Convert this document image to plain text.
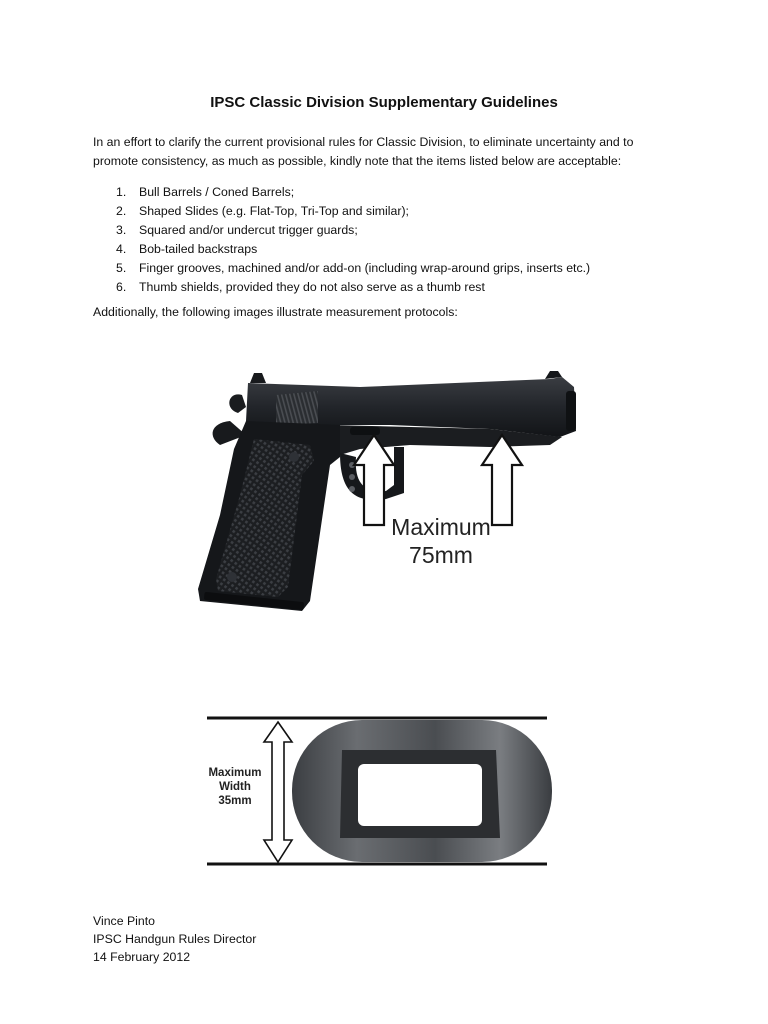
IPSC Classic Division Supplementary Guidelines
In an effort to clarify the current provisional rules for Classic Division, to eliminate uncertainty and to
promote consistency, as much as possible, kindly note that the items listed below are acceptable:
1.	Bull Barrels / Coned Barrels;
2.	Shaped Slides (e.g. Flat-Top, Tri-Top and similar);
3.	Squared and/or undercut trigger guards;
4.	Bob-tailed backstraps
5.	Finger grooves, machined and/or add-on (including wrap-around grips, inserts etc.)
6.	Thumb shields, provided they do not also serve as a thumb rest
Additionally, the following images illustrate measurement protocols:
Maximum
75mm
Maximum
Width
35mm
Vince Pinto
IPSC Handgun Rules Director
14 February 2012
